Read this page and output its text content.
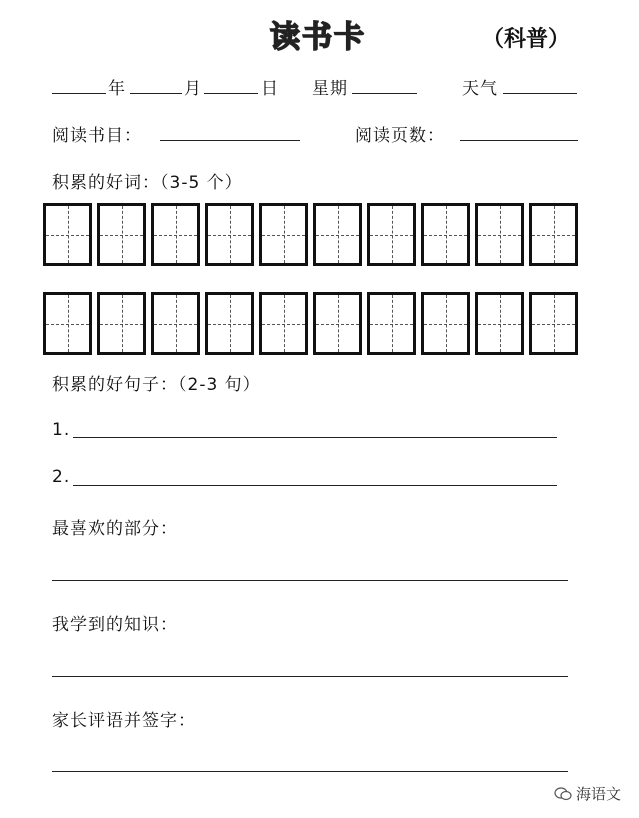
读书卡	（科普）
年	月	日 星期	天气
阅读书目：	阅读页数：
积累的好词：（3-5 个）
积累的好句子：（2-3 句）
1.
2.
最喜欢的部分：
我学到的知识：
家长评语并签字：
海语文
